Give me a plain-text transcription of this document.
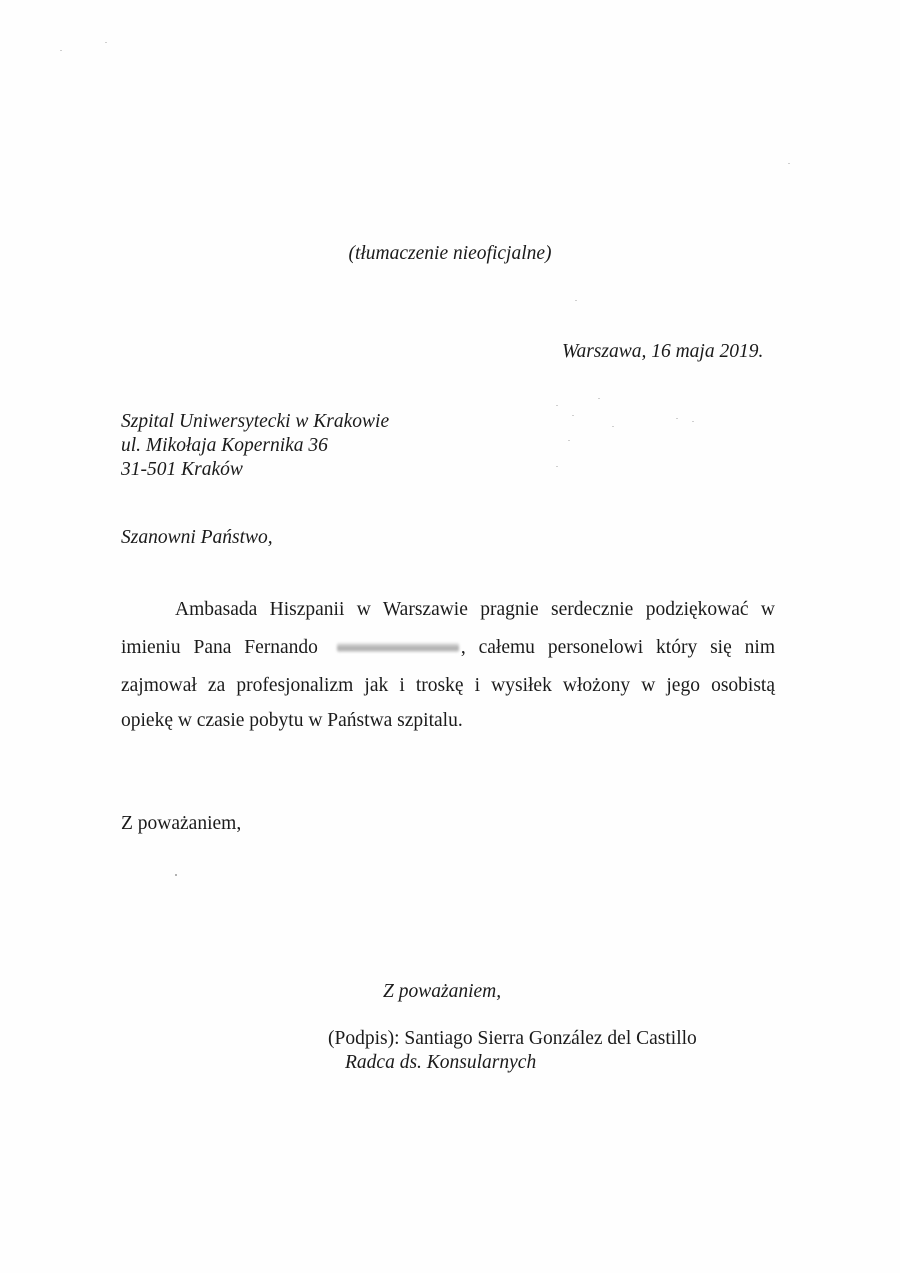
(tłumaczenie nieoficjalne)
Warszawa, 16 maja 2019.
Szpital Uniwersytecki w Krakowie
ul. Mikołaja Kopernika 36
31-501 Kraków
Szanowni Państwo,
Ambasada Hiszpanii w Warszawie pragnie serdecznie podziękować w
imieniu Pana Fernando	, całemu personelowi który się nim
zajmował za profesjonalizm jak i troskę i wysiłek włożony w jego osobistą
opiekę w czasie pobytu w Państwa szpitalu.
Z poważaniem,
Z poważaniem,
(Podpis): Santiago Sierra González del Castillo
Radca ds. Konsularnych
